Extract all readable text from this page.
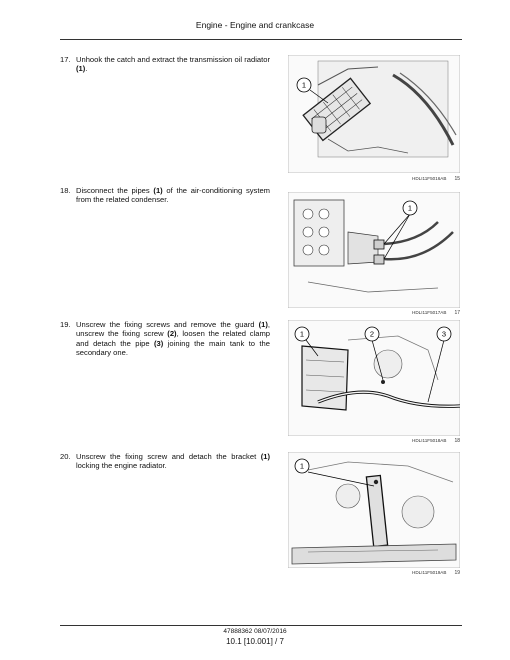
Engine - Engine and crankcase
17. Unhook the catch and extract the transmission oil radiator (1).
1
HDLI11F5016AB 15
18. Disconnect the pipes (1) of the air-conditioning system from the related condenser.
1
HDLI11F5017AB 17
19. Unscrew the fixing screws and remove the guard (1), unscrew the fixing screw (2), loosen the related clamp and detach the pipe (3) joining the main tank to the secondary one.
1	2	3
HDLI11F5018AB 18
20. Unscrew the fixing screw and detach the bracket (1) locking the engine radiator.	1
HDLI11F5019AB 19
47888362 08/07/2016
10.1 [10.001] / 7
